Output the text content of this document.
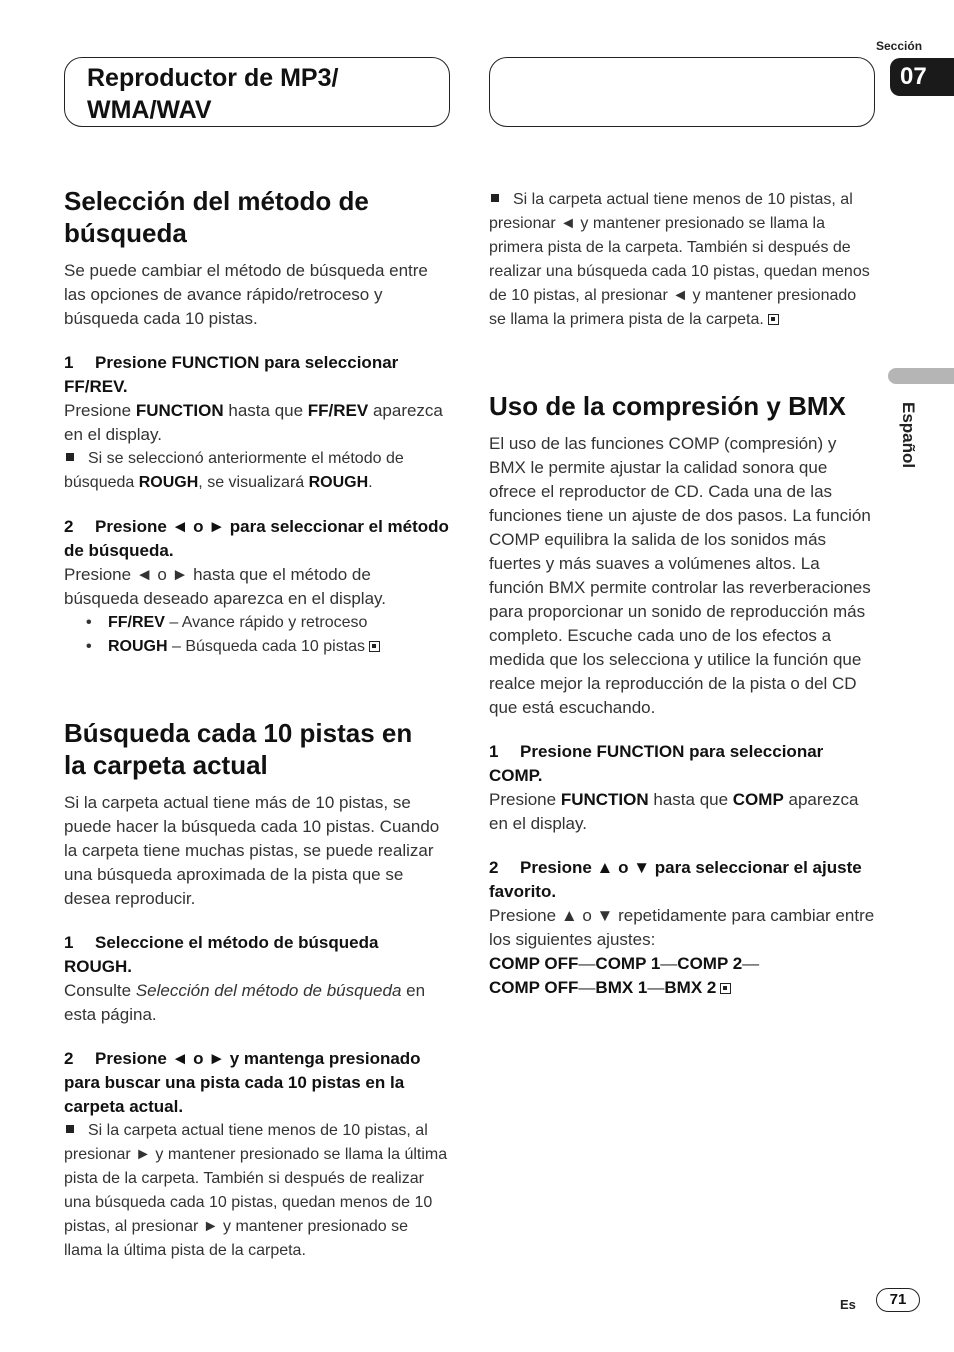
Reproductor de MP3/
WMA/WAV
Sección
07
Español
Selección del método de
búsqueda

Se puede cambiar el método de búsqueda entre las opciones de avance rápido/retroceso y búsqueda cada 10 pistas.

1 Presione FUNCTION para seleccionar FF/REV.

Presione FUNCTION hasta que FF/REV aparezca en el display.

Si se seleccionó anteriormente el método de búsqueda ROUGH, se visualizará ROUGH.

2 Presione ◄ o ► para seleccionar el método de búsqueda.

Presione ◄ o ► hasta que el método de búsqueda deseado aparezca en el display.

• FF/REV – Avance rápido y retroceso

• ROUGH – Búsqueda cada 10 pistas

Búsqueda cada 10 pistas en
la carpeta actual

Si la carpeta actual tiene más de 10 pistas, se puede hacer la búsqueda cada 10 pistas. Cuando la carpeta tiene muchas pistas, se puede realizar una búsqueda aproximada de la pista que se desea reproducir.

1 Seleccione el método de búsqueda ROUGH.

Consulte Selección del método de búsqueda en esta página.

2 Presione ◄ o ► y mantenga presionado para buscar una pista cada 10 pistas en la carpeta actual.

Si la carpeta actual tiene menos de 10 pistas, al presionar ► y mantener presionado se llama la última pista de la carpeta. También si después de realizar una búsqueda cada 10 pistas, quedan menos de 10 pistas, al presionar ► y mantener presionado se llama la última pista de la carpeta.

Si la carpeta actual tiene menos de 10 pistas, al presionar ◄ y mantener presionado se llama la primera pista de la carpeta. También si después de realizar una búsqueda cada 10 pistas, quedan menos de 10 pistas, al presionar ◄ y mantener presionado se llama la primera pista de la carpeta.

Uso de la compresión y BMX

El uso de las funciones COMP (compresión) y BMX le permite ajustar la calidad sonora que ofrece el reproductor de CD. Cada una de las funciones tiene un ajuste de dos pasos. La función COMP equilibra la salida de los sonidos más fuertes y más suaves a volúmenes altos. La función BMX permite controlar las reverberaciones para proporcionar un sonido de reproducción más completo. Escuche cada uno de los efectos a medida que los selecciona y utilice la función que realce mejor la reproducción de la pista o del CD que está escuchando.

1 Presione FUNCTION para seleccionar COMP.

Presione FUNCTION hasta que COMP aparezca en el display.

2 Presione ▲ o ▼ para seleccionar el ajuste favorito.

Presione ▲ o ▼ repetidamente para cambiar entre los siguientes ajustes:

COMP OFF—COMP 1—COMP 2—
COMP OFF—BMX 1—BMX 2

Es	71
